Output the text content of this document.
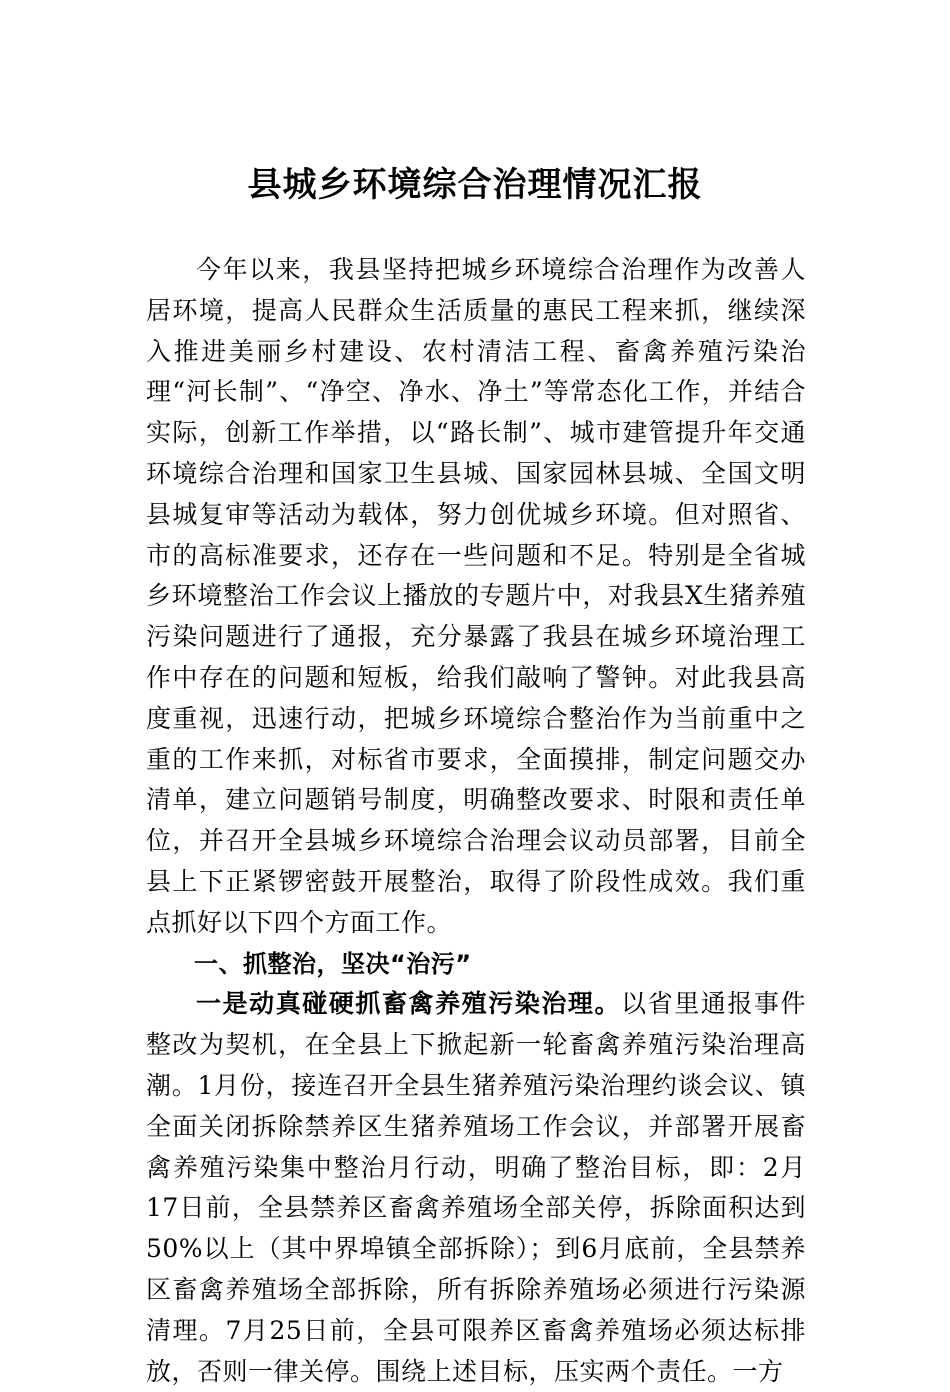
县城乡环境综合治理情况汇报

今年以来，我县坚持把城乡环境综合治理作为改善人居环境，提高人民群众生活质量的惠民工程来抓，继续深入推进美丽乡村建设、农村清洁工程、畜禽养殖污染治理“河长制”、“净空、净水、净土”等常态化工作，并结合实际，创新工作举措，以“路长制”、城市建管提升年交通环境综合治理和国家卫生县城、国家园林县城、全国文明县城复审等活动为载体，努力创优城乡环境。但对照省、市的高标准要求，还存在一些问题和不足。特别是全省城乡环境整治工作会议上播放的专题片中，对我县X生猪养殖污染问题进行了通报，充分暴露了我县在城乡环境治理工作中存在的问题和短板，给我们敲响了警钟。对此我县高度重视，迅速行动，把城乡环境综合整治作为当前重中之重的工作来抓，对标省市要求，全面摸排，制定问题交办清单，建立问题销号制度，明确整改要求、时限和责任单位，并召开全县城乡环境综合治理会议动员部署，目前全县上下正紧锣密鼓开展整治，取得了阶段性成效。我们重点抓好以下四个方面工作。

一、抓整治，坚决“治污”

一是动真碰硬抓畜禽养殖污染治理。以省里通报事件整改为契机，在全县上下掀起新一轮畜禽养殖污染治理高潮。1月份，接连召开全县生猪养殖污染治理约谈会议、镇全面关闭拆除禁养区生猪养殖场工作会议，并部署开展畜禽养殖污染集中整治月行动，明确了整治目标，即：2月17日前，全县禁养区畜禽养殖场全部关停，拆除面积达到50%以上（其中界埠镇全部拆除）；到6月底前，全县禁养区畜禽养殖场全部拆除，所有拆除养殖场必须进行污染源清理。7月25日前，全县可限养区畜禽养殖场必须达标排放，否则一律关停。围绕上述目标，压实两个责任。一方
